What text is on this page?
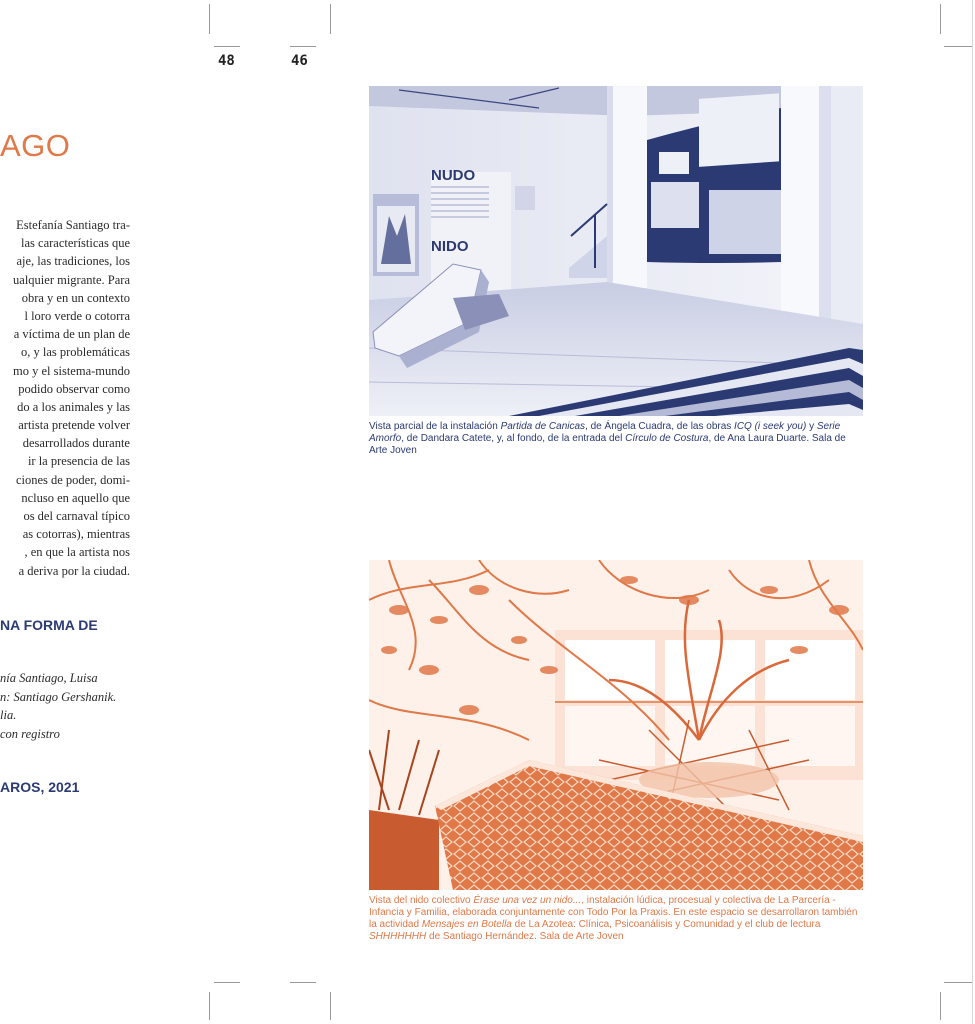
48	46
AGO
Estefanía Santiago tra-
las características que
aje, las tradiciones, los
ualquier migrante. Para
obra y en un contexto
l loro verde o cotorra
a víctima de un plan de
o, y las problemáticas
mo y el sistema-mundo
podido observar como
do a los animales y las
artista pretende volver
desarrollados durante
ir la presencia de las
ciones de poder, domi-
ncluso en aquello que
os del carnaval típico
as cotorras), mientras
, en que la artista nos
a deriva por la ciudad.
NA FORMA DE
nía Santiago, Luisa
n: Santiago Gershanik.
lia.
con registro
AROS, 2021
NUDO
NIDO
Vista parcial de la instalación Partida de Canicas, de Ángela Cuadra, de las obras ICQ (i seek you) y Serie Amorfo, de Dandara Catete, y, al fondo, de la entrada del Círculo de Costura, de Ana Laura Duarte. Sala de Arte Joven
Vista del nido colectivo Érase una vez un nido..., instalación lúdica, procesual y colectiva de La Parcería - Infancia y Familia, elaborada conjuntamente con Todo Por la Praxis. En este espacio se desarrollaron también la actividad Mensajes en Botella de La Azotea: Clínica, Psicoanálisis y Comunidad y el club de lectura SHHHHHHH de Santiago Hernández. Sala de Arte Joven
